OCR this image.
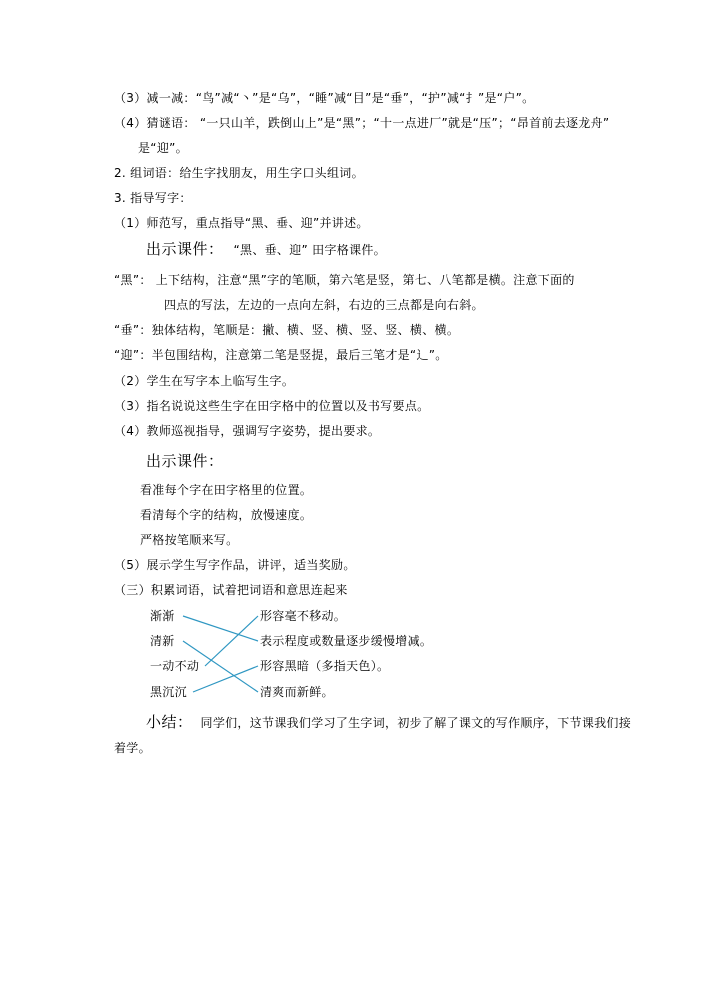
（3）减一减：“鸟”减“丶”是“乌”，“睡”减“目”是“垂”，“护”减“扌”是“户”。
（4）猜谜语： “一只山羊，跌倒山上”是“黑”；“十一点进厂”就是“压”；“昂首前去逐龙舟”
是“迎”。
2. 组词语：给生字找朋友，用生字口头组词。
3. 指导写字：
（1）师范写，重点指导“黑、垂、迎”并讲述。
出示课件： “黑、垂、迎” 田字格课件。
“黑”： 上下结构，注意“黑”字的笔顺，第六笔是竖，第七、八笔都是横。注意下面的
四点的写法，左边的一点向左斜，右边的三点都是向右斜。
“垂”：独体结构，笔顺是：撇、横、竖、横、竖、竖、横、横。
“迎”：半包围结构，注意第二笔是竖提，最后三笔才是“辶”。
（2）学生在写字本上临写生字。
（3）指名说说这些生字在田字格中的位置以及书写要点。
（4）教师巡视指导，强调写字姿势，提出要求。
出示课件：
看准每个字在田字格里的位置。
看清每个字的结构，放慢速度。
严格按笔顺来写。
（5）展示学生写字作品，讲评，适当奖励。
（三）积累词语，试着把词语和意思连起来
渐渐
清新
一动不动
黑沉沉
形容毫不移动。
表示程度或数量逐步缓慢增减。
形容黑暗（多指天色）。
清爽而新鲜。
小结： 同学们，这节课我们学习了生字词，初步了解了课文的写作顺序，下节课我们接
着学。
